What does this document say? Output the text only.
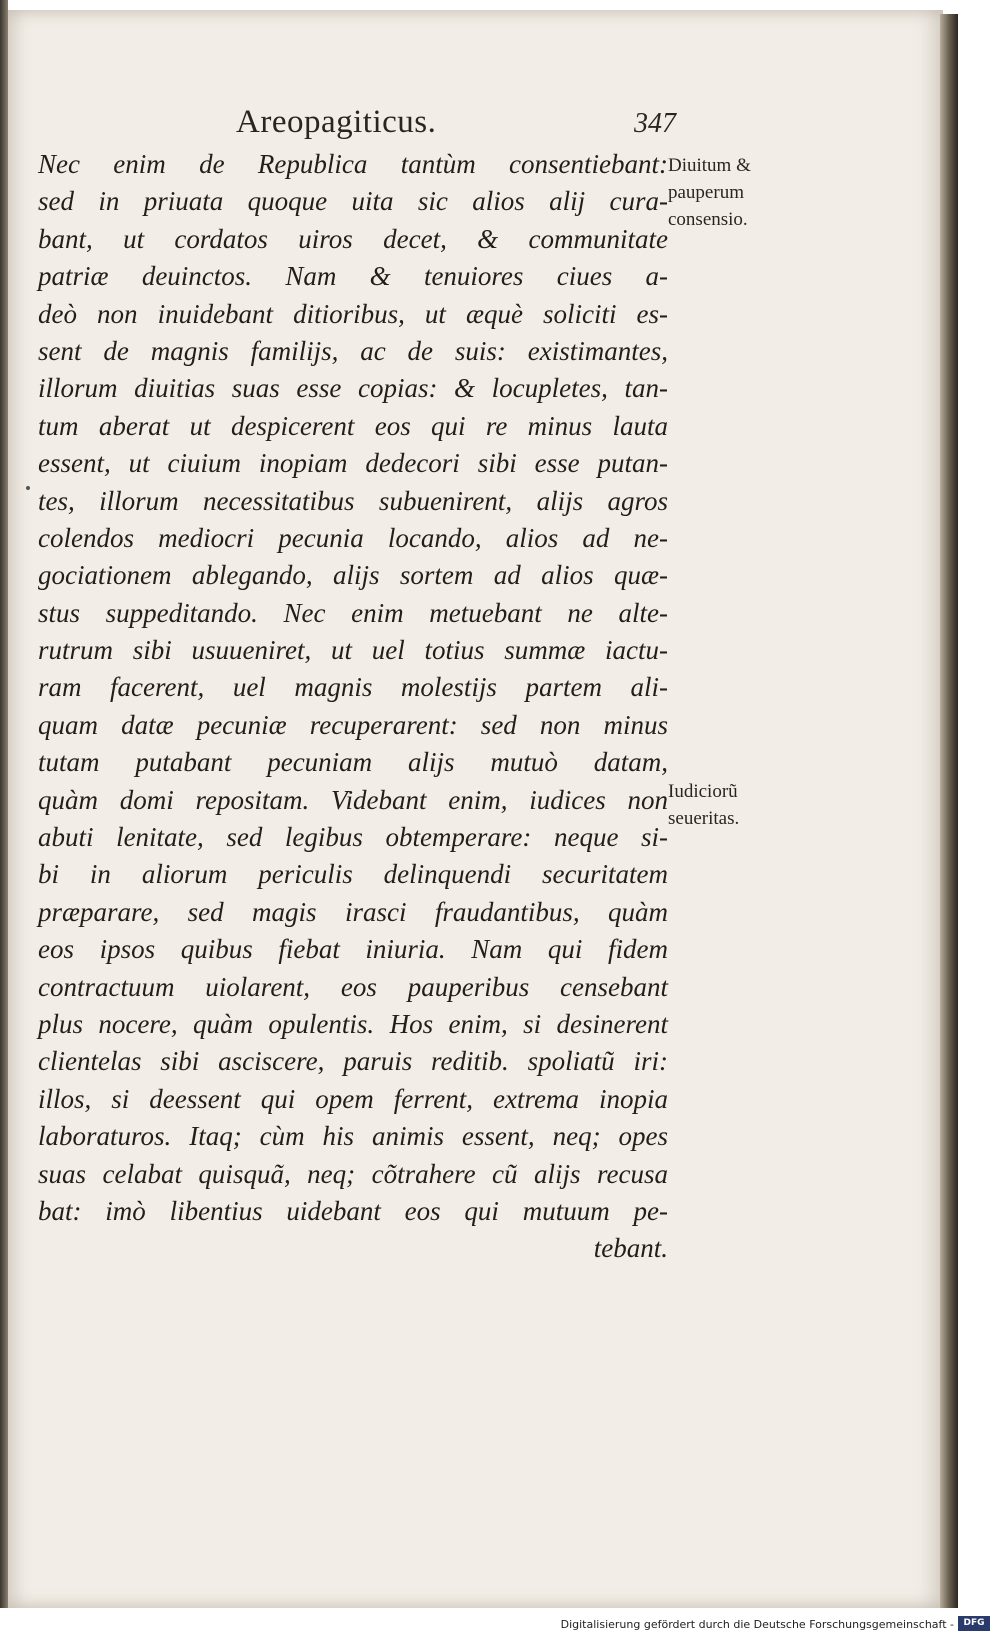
Areopagiticus.	347
Nec enim de Republica tantùm consentiebant:
sed in priuata quoque uita sic alios alij cura-
bant, ut cordatos uiros decet, & communitate
patriæ deuinctos. Nam & tenuiores ciues a-
deò non inuidebant ditioribus, ut æquè soliciti es-
sent de magnis familijs, ac de suis: existimantes,
illorum diuitias suas esse copias: & locupletes, tan-
tum aberat ut despicerent eos qui re minus lauta
essent, ut ciuium inopiam dedecori sibi esse putan-
tes, illorum necessitatibus subuenirent, alijs agros
colendos mediocri pecunia locando, alios ad ne-
gociationem ablegando, alijs sortem ad alios quæ-
stus suppeditando. Nec enim metuebant ne alte-
rutrum sibi usuueniret, ut uel totius summæ iactu-
ram facerent, uel magnis molestijs partem ali-
quam datæ pecuniæ recuperarent: sed non minus
tutam putabant pecuniam alijs mutuò datam,
quàm domi repositam. Videbant enim, iudices non
abuti lenitate, sed legibus obtemperare: neque si-
bi in aliorum periculis delinquendi securitatem
præparare, sed magis irasci fraudantibus, quàm
eos ipsos quibus fiebat iniuria. Nam qui fidem
contractuum uiolarent, eos pauperibus censebant
plus nocere, quàm opulentis. Hos enim, si desinerent
clientelas sibi asciscere, paruis reditib. spoliatũ iri:
illos, si deessent qui opem ferrent, extrema inopia
laboraturos. Itaq; cùm his animis essent, neq; opes
suas celabat quisquã, neq; cõtrahere cũ alijs recusa
bat: imò libentius uidebant eos qui mutuum pe-
tebant.
Diuitum &
pauperum
consensio.
Iudiciorũ
seueritas.
Digitalisierung gefördert durch die Deutsche Forschungsgemeinschaft -	DFG
